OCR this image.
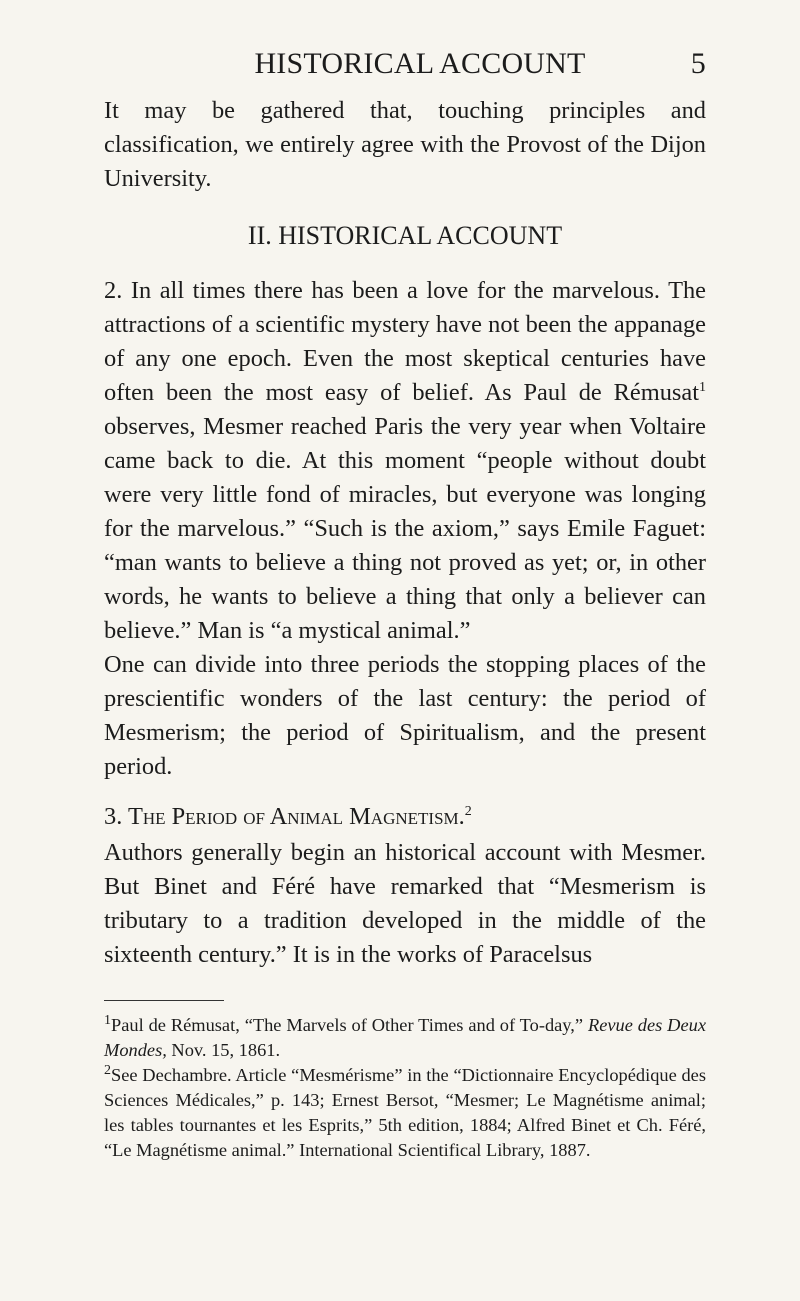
HISTORICAL ACCOUNT	5

It may be gathered that, touching principles and classification, we entirely agree with the Provost of the Dijon University.

II. HISTORICAL ACCOUNT

2. In all times there has been a love for the marvelous. The attractions of a scientific mystery have not been the appanage of any one epoch. Even the most skeptical centuries have often been the most easy of belief. As Paul de Rémusat$^1$ observes, Mesmer reached Paris the very year when Voltaire came back to die. At this moment “people without doubt were very little fond of miracles, but everyone was longing for the marvelous.” “Such is the axiom,” says Emile Faguet: “man wants to believe a thing not proved as yet; or, in other words, he wants to believe a thing that only a believer can believe.” Man is “a mystical animal.”

One can divide into three periods the stopping places of the prescientific wonders of the last century: the period of Mesmerism; the period of Spiritualism, and the present period.

3. The Period of Animal Magnetism.$^2$

Authors generally begin an historical account with Mesmer. But Binet and Féré have remarked that “Mesmerism is tributary to a tradition developed in the middle of the sixteenth century.” It is in the works of Paracelsus

$^1$Paul de Rémusat, “The Marvels of Other Times and of To-day,” Revue des Deux Mondes, Nov. 15, 1861.
$^2$See Dechambre. Article “Mesmérisme” in the “Dictionnaire Encyclopédique des Sciences Médicales,” p. 143; Ernest Bersot, “Mesmer; Le Magnétisme animal; les tables tournantes et les Esprits,” 5th edition, 1884; Alfred Binet et Ch. Féré, “Le Magnétisme animal.” International Scientifical Library, 1887.
